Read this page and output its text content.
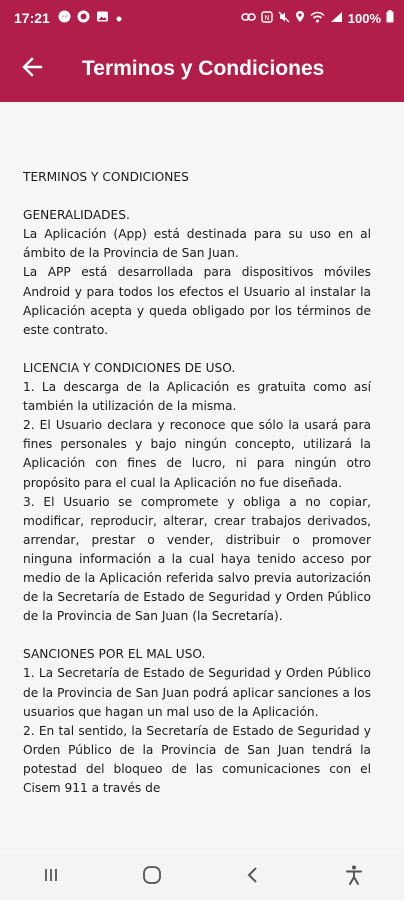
17:21	N	100%
Terminos y Condiciones
TERMINOS Y CONDICIONES
GENERALIDADES.
La Aplicación (App) está destinada para su uso en al ámbito de la Provincia de San Juan.
La APP está desarrollada para dispositivos móviles Android y para todos los efectos el Usuario al instalar la Aplicación acepta y queda obligado por los términos de este contrato.
LICENCIA Y CONDICIONES DE USO.
1. La descarga de la Aplicación es gratuita como así también la utilización de la misma.
2. El Usuario declara y reconoce que sólo la usará para fines personales y bajo ningún concepto, utilizará la Aplicación con fines de lucro, ni para ningún otro propósito para el cual la Aplicación no fue diseñada.
3. El Usuario se compromete y obliga a no copiar, modificar, reproducir, alterar, crear trabajos derivados, arrendar, prestar o vender, distribuir o promover ninguna información a la cual haya tenido acceso por medio de la Aplicación referida salvo previa autorización de la Secretaría de Estado de Seguridad y Orden Público de la Provincia de San Juan (la Secretaría).
SANCIONES POR EL MAL USO.
1. La Secretaría de Estado de Seguridad y Orden Público de la Provincia de San Juan podrá aplicar sanciones a los usuarios que hagan un mal uso de la Aplicación.
2. En tal sentido, la Secretaría de Estado de Seguridad y Orden Público de la Provincia de San Juan tendrá la potestad del bloqueo de las comunicaciones con el Cisem 911 a través de
